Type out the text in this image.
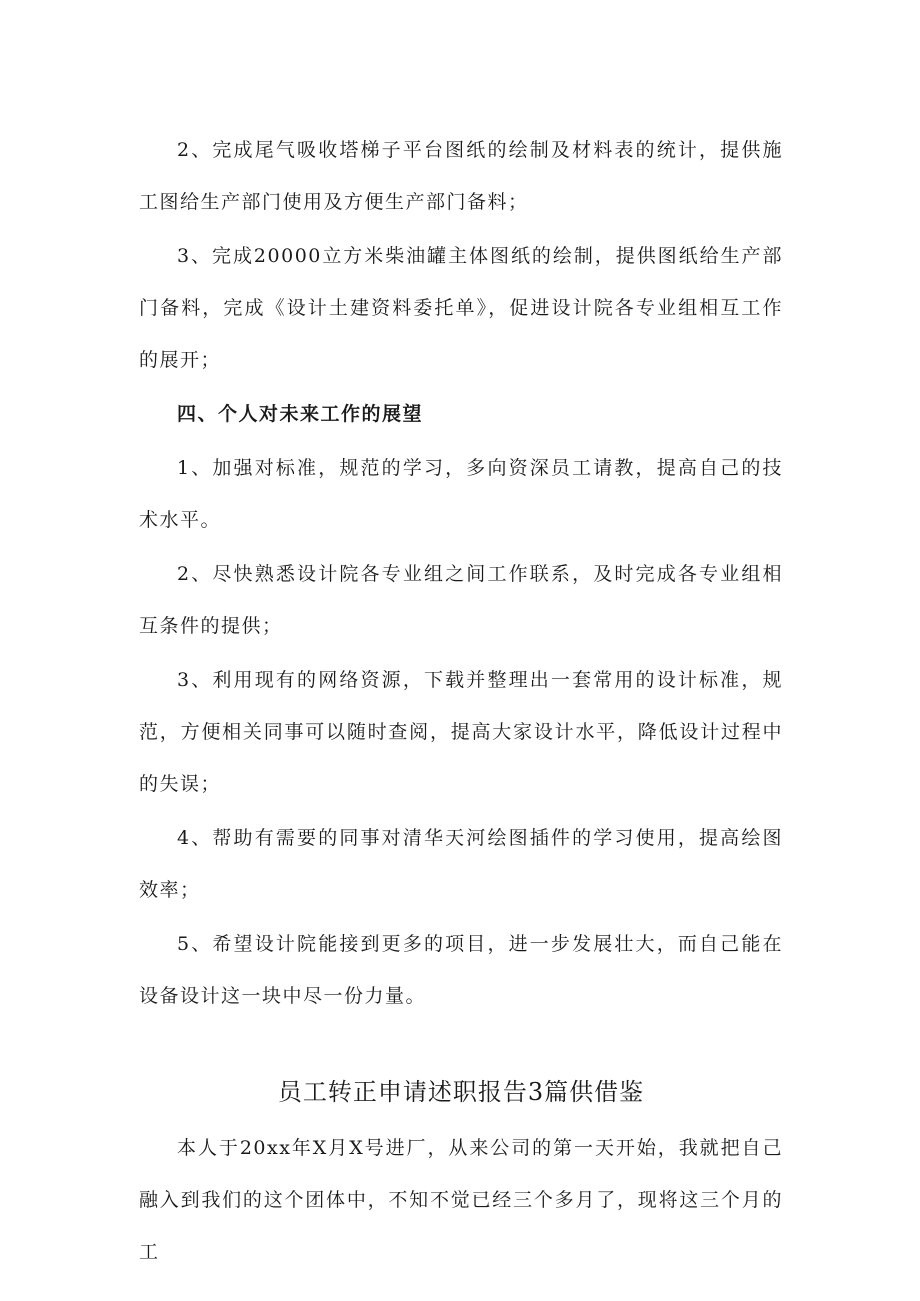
2、完成尾气吸收塔梯子平台图纸的绘制及材料表的统计，提供施工图给生产部门使用及方便生产部门备料；

3、完成20000立方米柴油罐主体图纸的绘制，提供图纸给生产部门备料，完成《设计土建资料委托单》，促进设计院各专业组相互工作的展开；

四、个人对未来工作的展望

1、加强对标准，规范的学习，多向资深员工请教，提高自己的技术水平。

2、尽快熟悉设计院各专业组之间工作联系，及时完成各专业组相互条件的提供；

3、利用现有的网络资源，下载并整理出一套常用的设计标准，规范，方便相关同事可以随时查阅，提高大家设计水平，降低设计过程中的失误；

4、帮助有需要的同事对清华天河绘图插件的学习使用，提高绘图效率；

5、希望设计院能接到更多的项目，进一步发展壮大，而自己能在设备设计这一块中尽一份力量。

员工转正申请述职报告3篇供借鉴

本人于20xx年X月X号进厂，从来公司的第一天开始，我就把自己融入到我们的这个团体中，不知不觉已经三个多月了，现将这三个月的工
